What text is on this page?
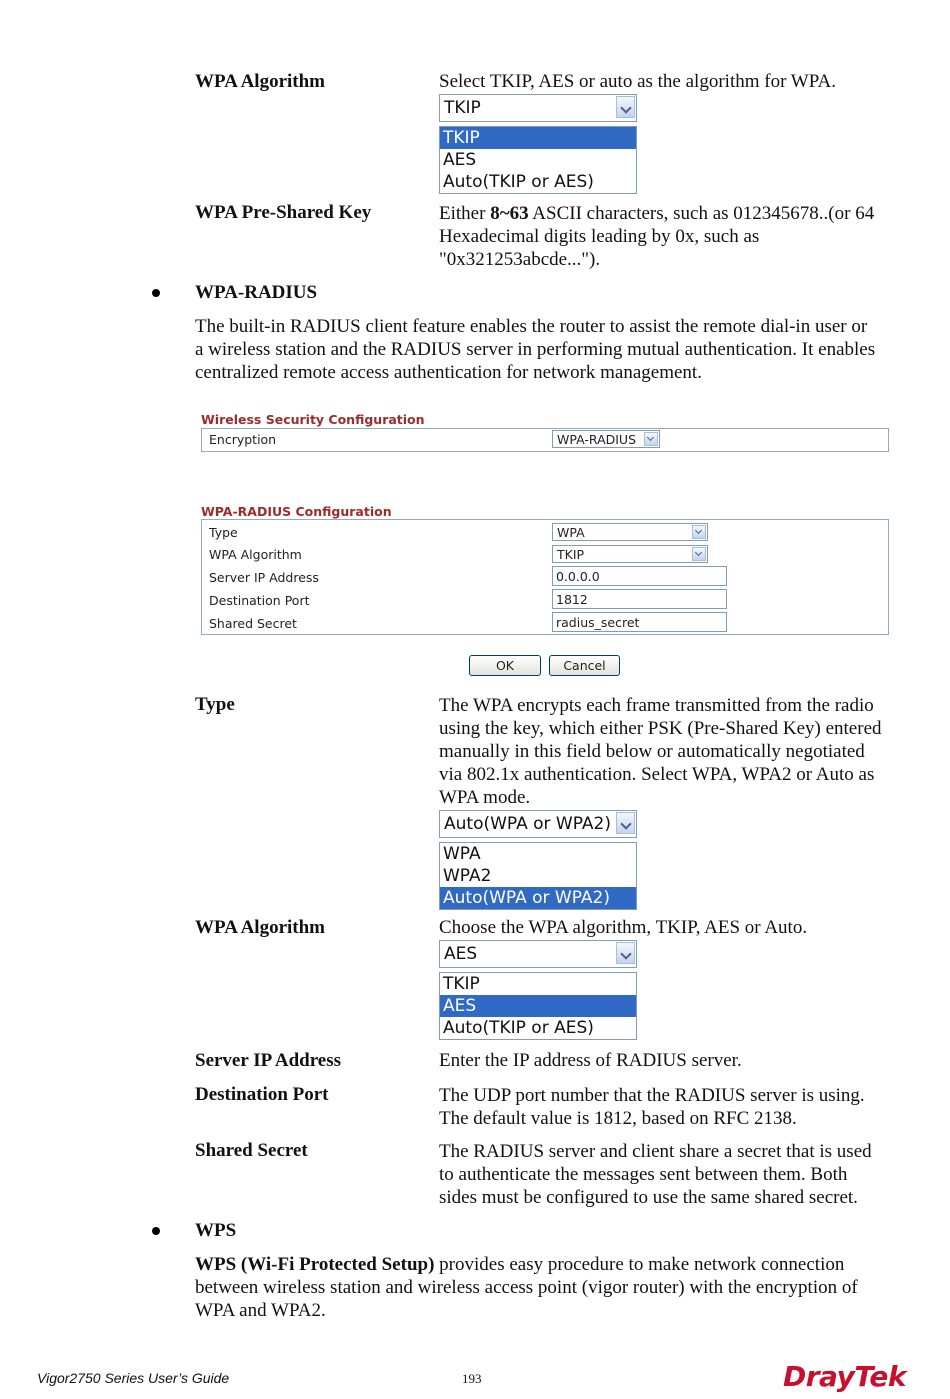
WPA Algorithm	Select TKIP, AES or auto as the algorithm for WPA.
TKIP
TKIP
AES
Auto(TKIP or AES)
WPA Pre-Shared Key	Either 8~63 ASCII characters, such as 012345678..(or 64
Hexadecimal digits leading by 0x, such as
"0x321253abcde...").
WPA-RADIUS
The built-in RADIUS client feature enables the router to assist the remote dial-in user or
a wireless station and the RADIUS server in performing mutual authentication. It enables
centralized remote access authentication for network management.
Wireless Security Configuration
Encryption	WPA-RADIUS
WPA-RADIUS Configuration
Type	WPA
WPA Algorithm	TKIP
Server IP Address	0.0.0.0
Destination Port	1812
Shared Secret	radius_secret
OK	Cancel
Type	The WPA encrypts each frame transmitted from the radio
using the key, which either PSK (Pre-Shared Key) entered
manually in this field below or automatically negotiated
via 802.1x authentication. Select WPA, WPA2 or Auto as
WPA mode.
Auto(WPA or WPA2)
WPA
WPA2
Auto(WPA or WPA2)
WPA Algorithm	Choose the WPA algorithm, TKIP, AES or Auto.
AES
TKIP
AES
Auto(TKIP or AES)
Server IP Address	Enter the IP address of RADIUS server.
Destination Port	The UDP port number that the RADIUS server is using.
The default value is 1812, based on RFC 2138.
Shared Secret	The RADIUS server and client share a secret that is used
to authenticate the messages sent between them. Both
sides must be configured to use the same shared secret.
WPS
WPS (Wi-Fi Protected Setup) provides easy procedure to make network connection
between wireless station and wireless access point (vigor router) with the encryption of
WPA and WPA2.
Vigor2750 Series User’s Guide	193	DrayTek
